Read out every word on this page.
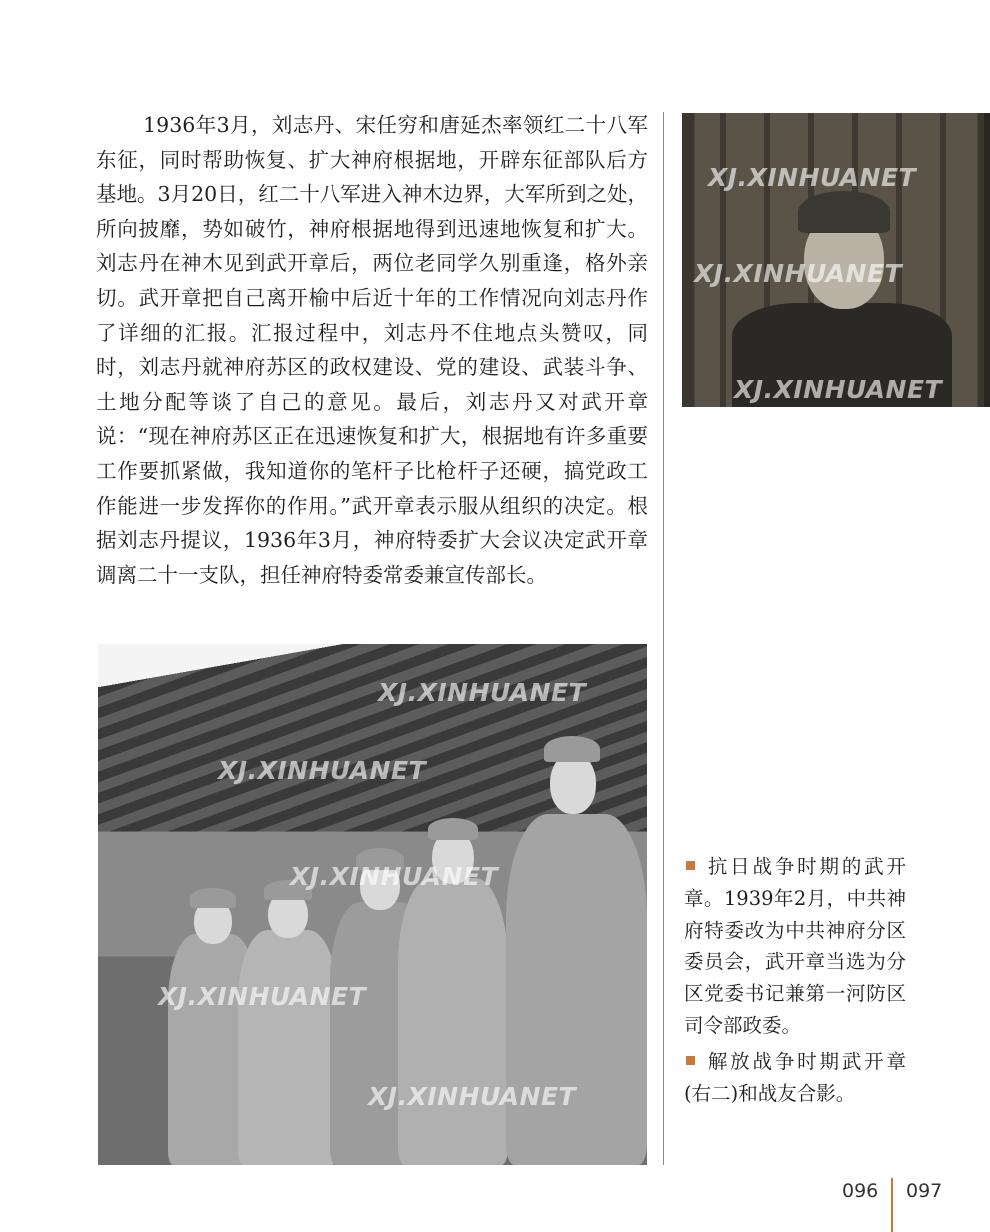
1936年3月，刘志丹、宋任穷和唐延杰率领红二十八军东征，同时帮助恢复、扩大神府根据地，开辟东征部队后方基地。3月20日，红二十八军进入神木边界，大军所到之处，所向披靡，势如破竹，神府根据地得到迅速地恢复和扩大。刘志丹在神木见到武开章后，两位老同学久别重逢，格外亲切。武开章把自己离开榆中后近十年的工作情况向刘志丹作了详细的汇报。汇报过程中，刘志丹不住地点头赞叹，同时，刘志丹就神府苏区的政权建设、党的建设、武装斗争、土地分配等谈了自己的意见。最后，刘志丹又对武开章说：“现在神府苏区正在迅速恢复和扩大，根据地有许多重要工作要抓紧做，我知道你的笔杆子比枪杆子还硬，搞党政工作能进一步发挥你的作用。”武开章表示服从组织的决定。根据刘志丹提议，1936年3月，神府特委扩大会议决定武开章调离二十一支队，担任神府特委常委兼宣传部长。

XJ.XINHUANET
XJ.XINHUANET
XJ.XINHUANET
XJ.XINHUANET
XJ.XINHUANET
XJ.XINHUANET
XJ.XINHUANET
XJ.XINHUANET

抗日战争时期的武开章。1939年2月，中共神府特委改为中共神府分区委员会，武开章当选为分区党委书记兼第一河防区司令部政委。

解放战争时期武开章(右二)和战友合影。

096 097
